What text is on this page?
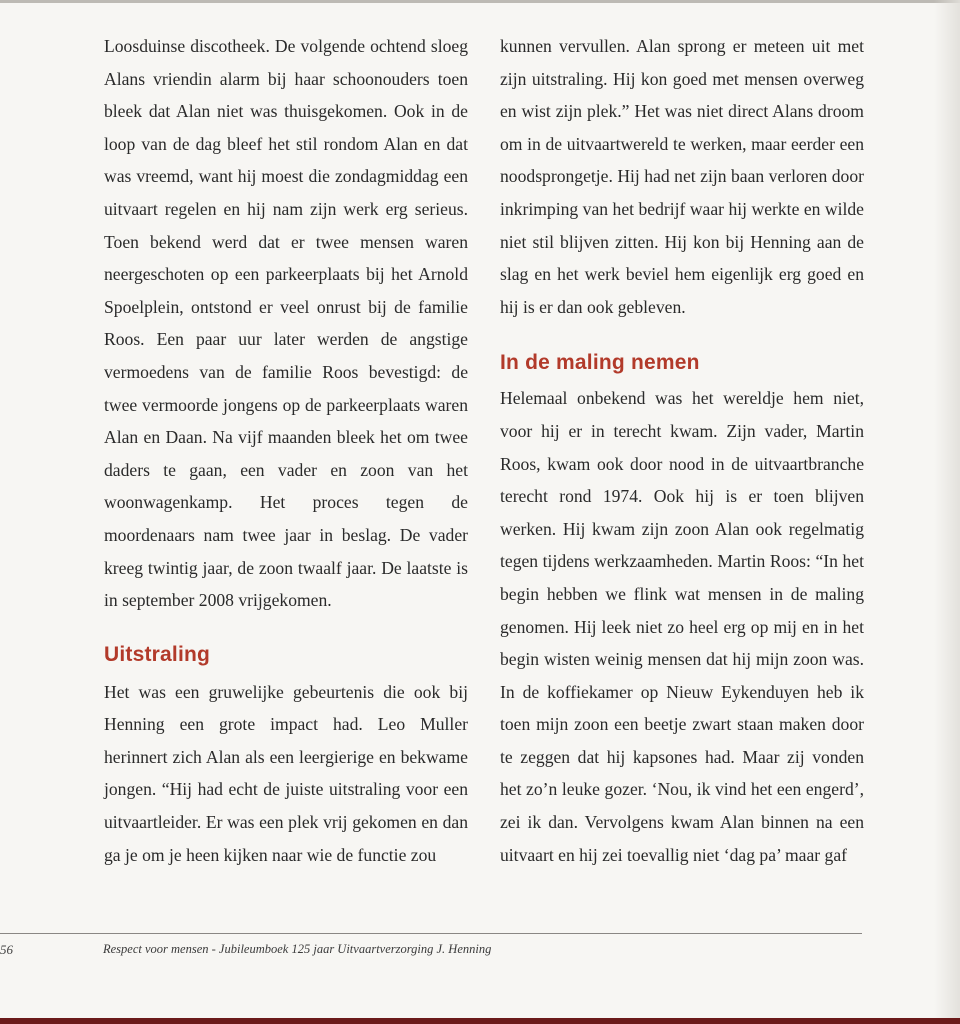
Loosduinse discotheek. De volgende ochtend sloeg Alans vriendin alarm bij haar schoonouders toen bleek dat Alan niet was thuisgekomen. Ook in de loop van de dag bleef het stil rondom Alan en dat was vreemd, want hij moest die zondagmiddag een uitvaart regelen en hij nam zijn werk erg serieus. Toen bekend werd dat er twee mensen waren neergeschoten op een parkeerplaats bij het Arnold Spoelplein, ontstond er veel onrust bij de familie Roos. Een paar uur later werden de angstige vermoedens van de familie Roos bevestigd: de twee vermoorde jongens op de parkeerplaats waren Alan en Daan. Na vijf maanden bleek het om twee daders te gaan, een vader en zoon van het woonwagenkamp. Het proces tegen de moordenaars nam twee jaar in beslag. De vader kreeg twintig jaar, de zoon twaalf jaar. De laatste is in september 2008 vrijgekomen.

Uitstraling

Het was een gruwelijke gebeurtenis die ook bij Henning een grote impact had. Leo Muller herinnert zich Alan als een leergierige en bekwame jongen. “Hij had echt de juiste uitstraling voor een uitvaartleider. Er was een plek vrij gekomen en dan ga je om je heen kijken naar wie de functie zou

kunnen vervullen. Alan sprong er meteen uit met zijn uitstraling. Hij kon goed met mensen overweg en wist zijn plek.” Het was niet direct Alans droom om in de uitvaartwereld te werken, maar eerder een noodsprongetje. Hij had net zijn baan verloren door inkrimping van het bedrijf waar hij werkte en wilde niet stil blijven zitten. Hij kon bij Henning aan de slag en het werk beviel hem eigenlijk erg goed en hij is er dan ook gebleven.

In de maling nemen

Helemaal onbekend was het wereldje hem niet, voor hij er in terecht kwam. Zijn vader, Martin Roos, kwam ook door nood in de uitvaartbranche terecht rond 1974. Ook hij is er toen blijven werken. Hij kwam zijn zoon Alan ook regelmatig tegen tijdens werkzaamheden. Martin Roos: “In het begin hebben we flink wat mensen in de maling genomen. Hij leek niet zo heel erg op mij en in het begin wisten weinig mensen dat hij mijn zoon was. In de koffiekamer op Nieuw Eykenduyen heb ik toen mijn zoon een beetje zwart staan maken door te zeggen dat hij kapsones had. Maar zij vonden het zo’n leuke gozer. ‘Nou, ik vind het een engerd’, zei ik dan. Vervolgens kwam Alan binnen na een uitvaart en hij zei toevallig niet ‘dag pa’ maar gaf

56	Respect voor mensen - Jubileumboek 125 jaar Uitvaartverzorging J. Henning
